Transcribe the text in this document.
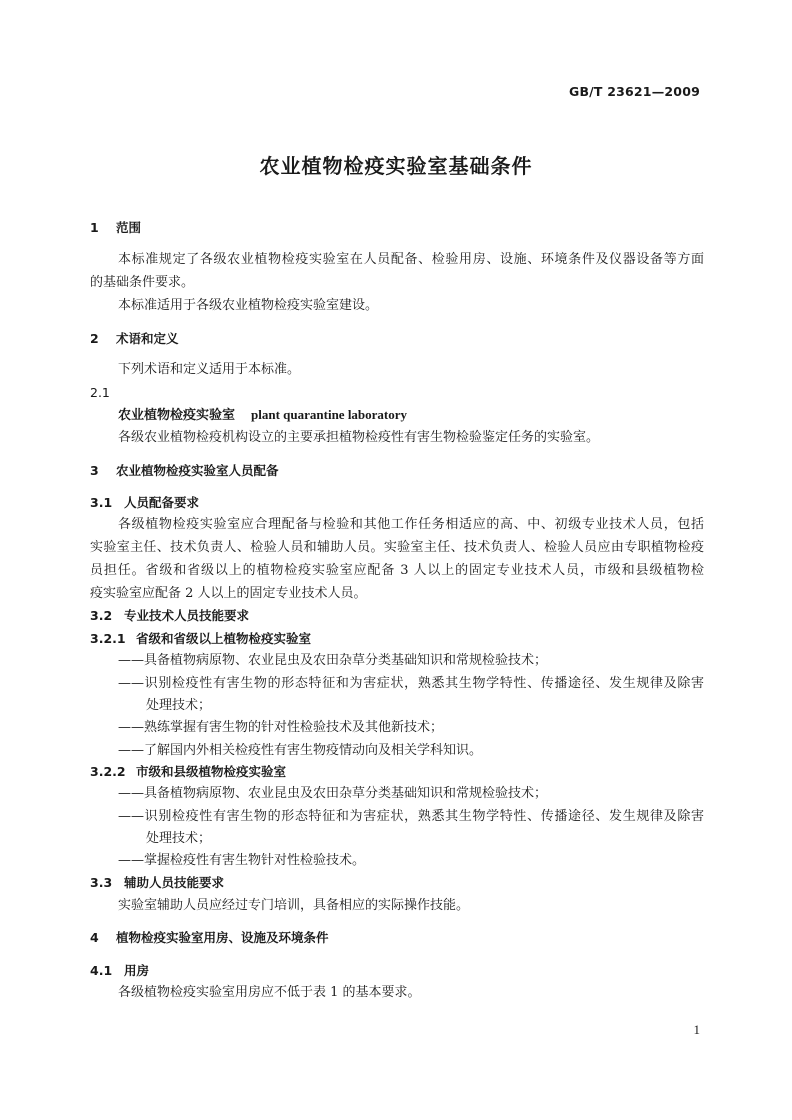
GB/T 23621—2009
农业植物检疫实验室基础条件
1 范围
本标准规定了各级农业植物检疫实验室在人员配备、检验用房、设施、环境条件及仪器设备等方面
的基础条件要求。
本标准适用于各级农业植物检疫实验室建设。
2 术语和定义
下列术语和定义适用于本标准。
2.1
农业植物检疫实验室 plant quarantine laboratory
各级农业植物检疫机构设立的主要承担植物检疫性有害生物检验鉴定任务的实验室。
3 农业植物检疫实验室人员配备
3.1 人员配备要求
各级植物检疫实验室应合理配备与检验和其他工作任务相适应的高、中、初级专业技术人员，包括
实验室主任、技术负责人、检验人员和辅助人员。实验室主任、技术负责人、检验人员应由专职植物检疫
员担任。省级和省级以上的植物检疫实验室应配备 3 人以上的固定专业技术人员，市级和县级植物检
疫实验室应配备 2 人以上的固定专业技术人员。
3.2 专业技术人员技能要求
3.2.1 省级和省级以上植物检疫实验室
——具备植物病原物、农业昆虫及农田杂草分类基础知识和常规检验技术；
——识别检疫性有害生物的形态特征和为害症状，熟悉其生物学特性、传播途径、发生规律及除害
处理技术；
——熟练掌握有害生物的针对性检验技术及其他新技术；
——了解国内外相关检疫性有害生物疫情动向及相关学科知识。
3.2.2 市级和县级植物检疫实验室
——具备植物病原物、农业昆虫及农田杂草分类基础知识和常规检验技术；
——识别检疫性有害生物的形态特征和为害症状，熟悉其生物学特性、传播途径、发生规律及除害
处理技术；
——掌握检疫性有害生物针对性检验技术。
3.3 辅助人员技能要求
实验室辅助人员应经过专门培训，具备相应的实际操作技能。
4 植物检疫实验室用房、设施及环境条件
4.1 用房
各级植物检疫实验室用房应不低于表 1 的基本要求。
1
